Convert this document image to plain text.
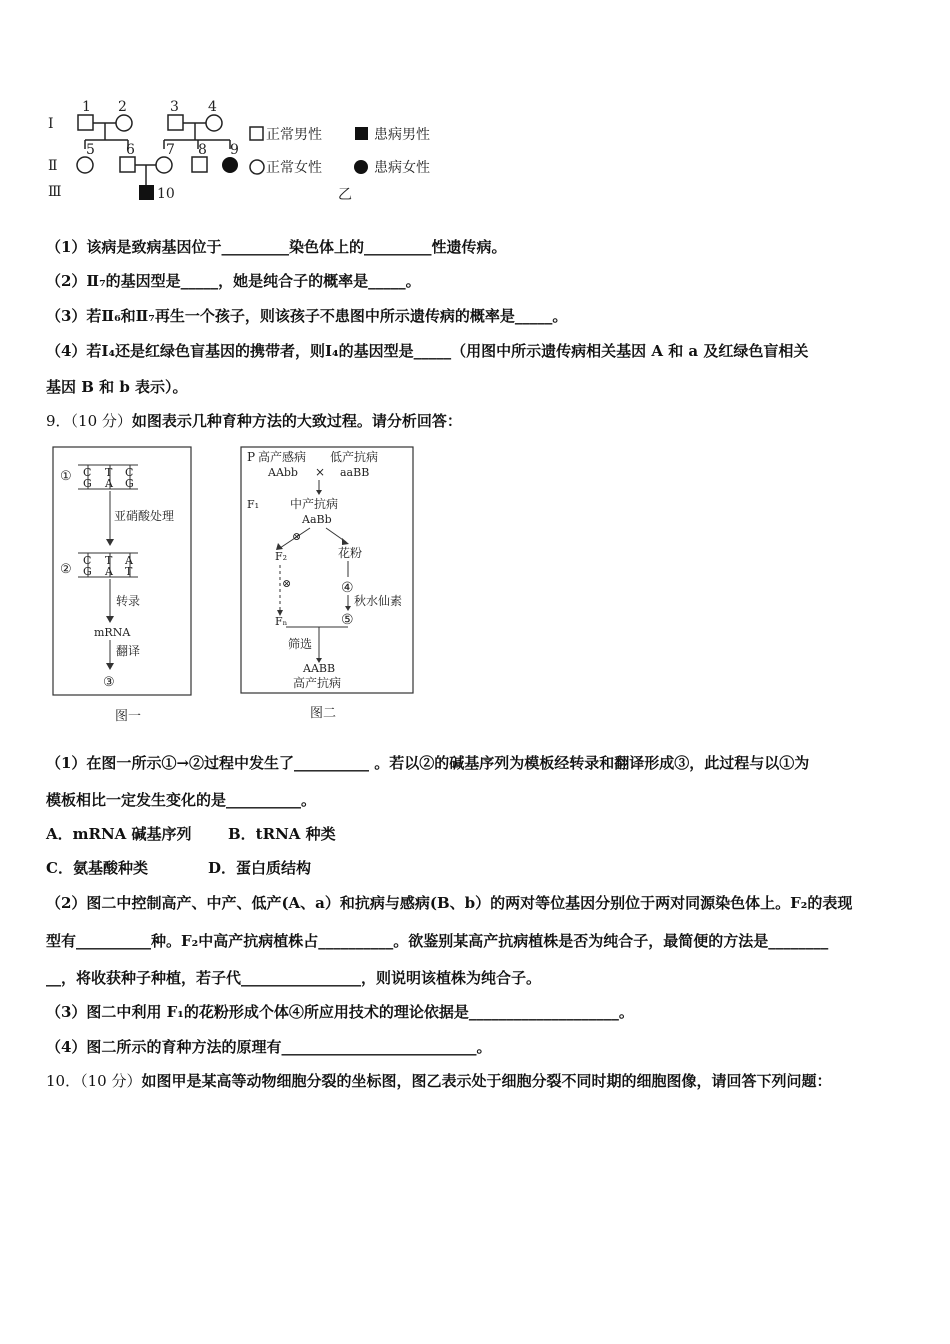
Ⅰ
Ⅱ
Ⅲ
1 2	3 4
5 6 7 8 9
10
正常男性	患病男性
正常女性	患病女性
乙
（1）该病是致病基因位于_________染色体上的_________性遗传病。
（2）Ⅱ₇的基因型是_____，她是纯合子的概率是_____。
（3）若Ⅱ₆和Ⅱ₇再生一个孩子，则该孩子不患图中所示遗传病的概率是_____。
（4）若I₄还是红绿色盲基因的携带者，则I₄的基因型是_____（用图中所示遗传病相关基因 A 和 a 及红绿色盲相关
基因 B 和 b 表示）。
9．（10 分）如图表示几种育种方法的大致过程。请分析回答：
① C T C
G A G
亚硝酸处理
②
C T A
G A T
转录
mRNA
翻译
③
图一
P 高产感病 低产抗病
AAbb × aaBB
F₁	中产抗病
AaBb
⊗
F₂	花粉
⊗
Fₙ
④
秋水仙素
⑤
筛选
AABB
高产抗病
图二
（1）在图一所示①→②过程中发生了__________ 。若以②的碱基序列为模板经转录和翻译形成③，此过程与以①为
模板相比一定发生变化的是__________。
A．mRNA 碱基序列 B．tRNA 种类
C．氨基酸种类	D．蛋白质结构
（2）图二中控制高产、中产、低产(A、a）和抗病与感病(B、b）的两对等位基因分别位于两对同源染色体上。F₂的表现
型有__________种。F₂中高产抗病植株占__________。欲鉴别某高产抗病植株是否为纯合子，最简便的方法是________
__，将收获种子种植，若子代________________，则说明该植株为纯合子。
（3）图二中利用 F₁的花粉形成个体④所应用技术的理论依据是____________________。
（4）图二所示的育种方法的原理有__________________________。
10．（10 分）如图甲是某高等动物细胞分裂的坐标图，图乙表示处于细胞分裂不同时期的细胞图像，请回答下列问题：
